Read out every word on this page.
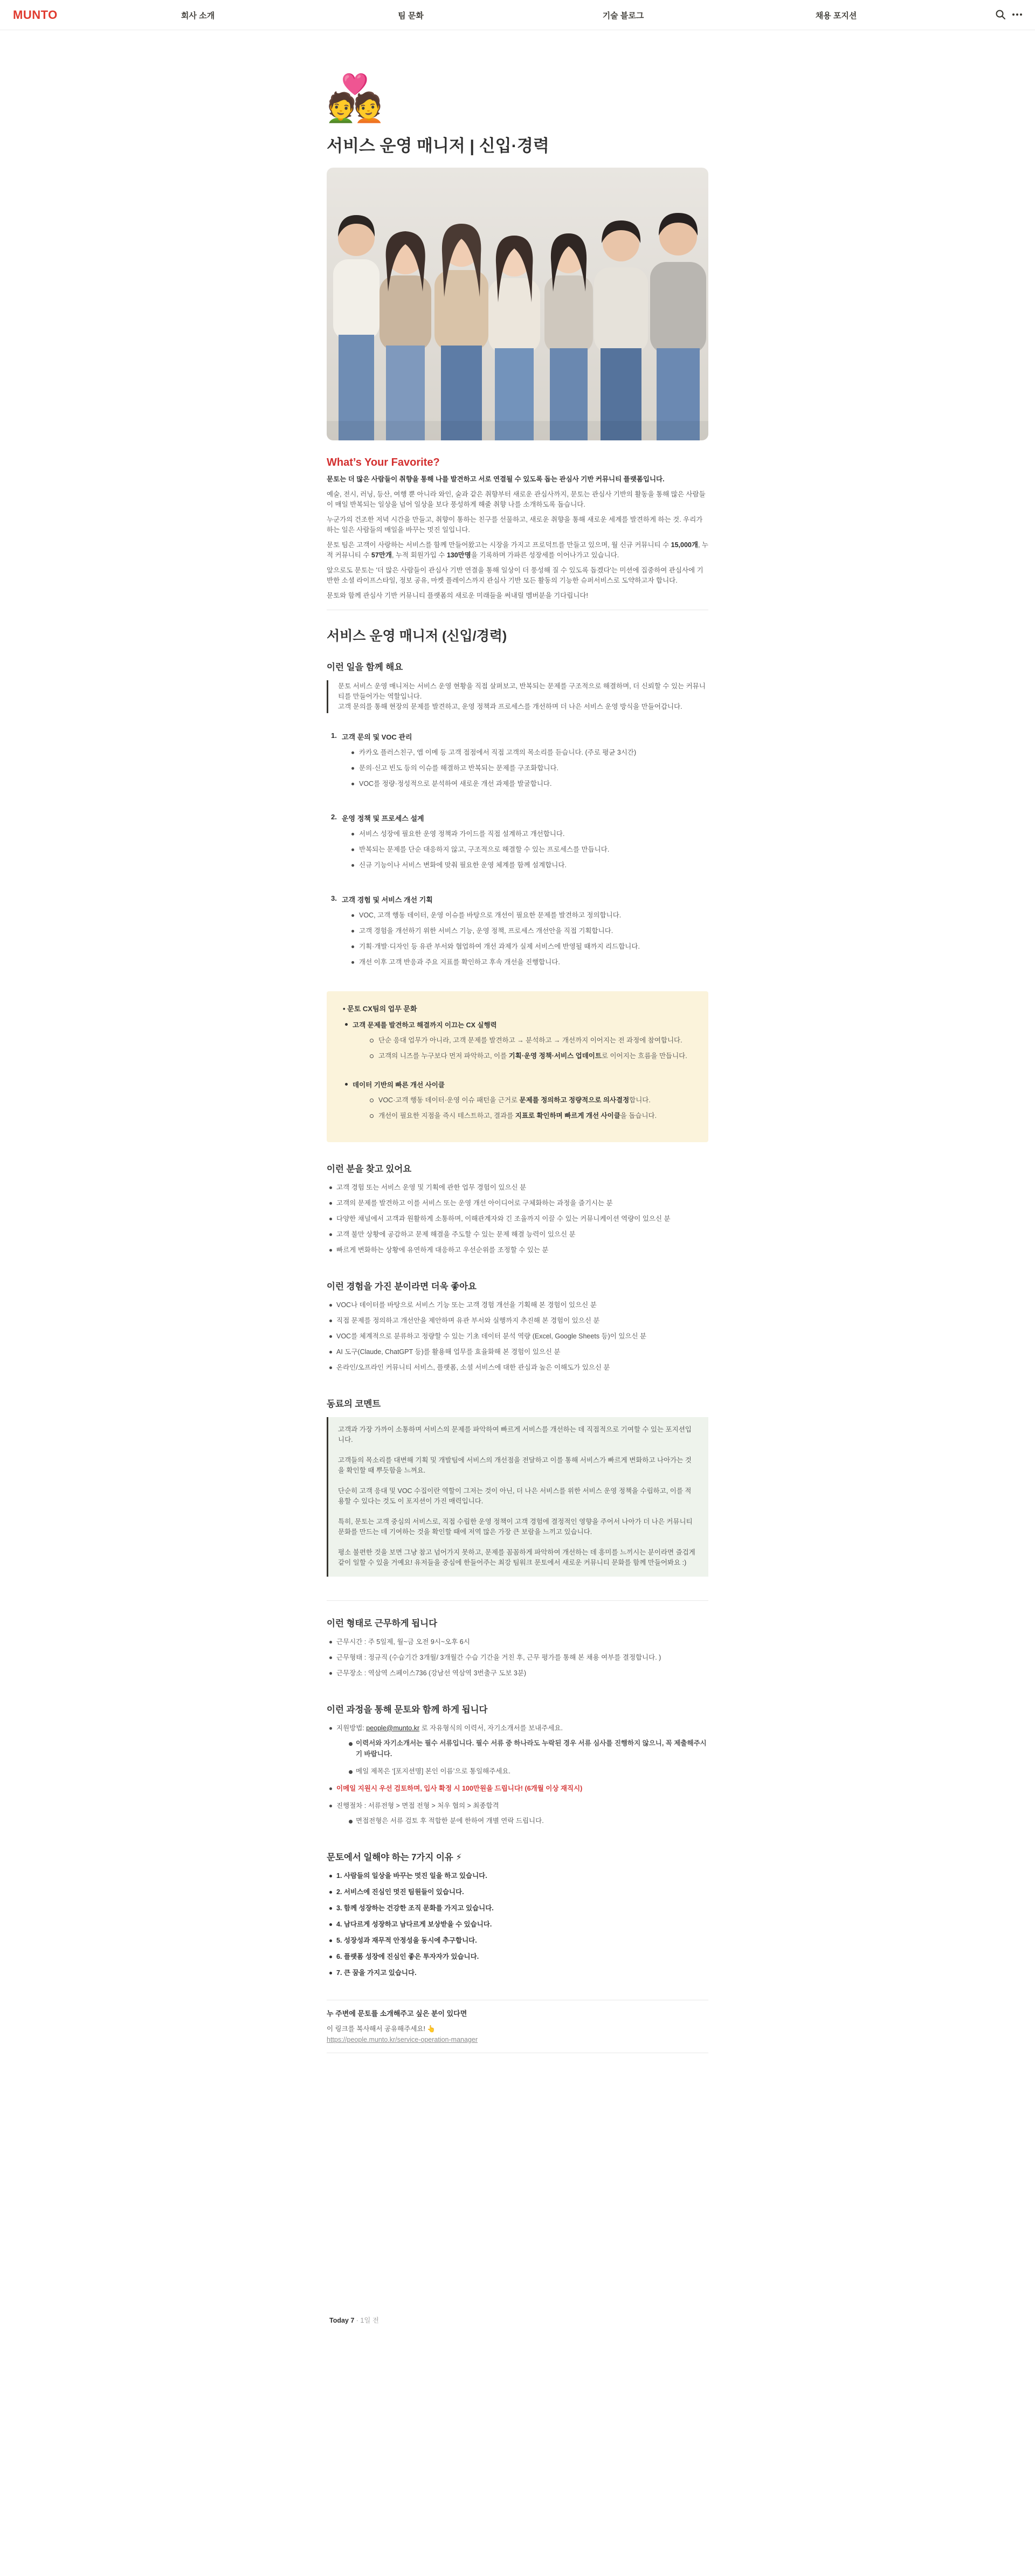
MUNTO	회사 소개	팀 문화	기술 블로그	채용 포지션
💑
서비스 운영 매니저 | 신입·경력
What’s Your Favorite?

문토는 더 많은 사람들이 취향을 통해 나를 발견하고 서로 연결될 수 있도록 돕는 관심사 기반 커뮤니티 플랫폼입니다.

예술, 전시, 러닝, 등산, 여행 뿐 아니라 와인, 술과 같은 취향부터 새로운 관심사까지, 문토는 관심사 기반의 활동을 통해 많은 사람들이 매일 반복되는 일상을 넘어 일상을 보다 풍성하게 해줄 취향 나를 소개하도록 돕습니다.

누군가의 건조한 저녁 시간을 만들고, 취향이 통하는 친구를 선물하고, 새로운 취향을 통해 새로운 세계를 발견하게 하는 것. 우리가 하는 일은 사람들의 매일을 바꾸는 멋진 일입니다.

문토 팀은 고객이 사랑하는 서비스를 함께 만들어왔고는 시장을 가지고 프로덕트를 만들고 있으며, 월 신규 커뮤니티 수 15,000개, 누적 커뮤니티 수 57만개, 누적 회원가입 수 130만명을 기록하며 가파른 성장세를 이어나가고 있습니다.

앞으로도 문토는 '더 많은 사람들이 관심사 기반 연결을 통해 일상이 더 풍성해 질 수 있도록 돕겠다'는 미션에 집중하여 관심사에 기반한 소셜 라이프스타일, 정보 공유, 마켓 플레이스까지 관심사 기반 모든 활동의 기능한 슈퍼서비스로 도약하고자 합니다.

문토와 함께 관심사 기반 커뮤니티 플랫폼의 새로운 미래들을 써내릴 멤버분을 기다립니다!

서비스 운영 매니저 (신입/경력)
이런 일을 함께 해요
문토 서비스 운영 매니저는 서비스 운영 현황을 직접 살펴보고, 반복되는 문제를 구조적으로 해결하며, 더 신뢰할 수 있는 커뮤니티를 만들어가는 역할입니다.
고객 문의를 통해 현장의 문제를 발견하고, 운영 정책과 프로세스를 개선하며 더 나은 서비스 운영 방식을 만들어갑니다.
1. 고객 문의 및 VOC 관리
카카오 플러스친구, 앱 이메 등 고객 접점에서 직접 고객의 목소리를 듣습니다. (주로 평균 3시간)
문의·신고 빈도 등의 이슈를 해결하고 반복되는 문제를 구조화합니다.
VOC를 정량·정성적으로 분석하여 새로운 개선 과제를 발굴합니다.
2. 운영 정책 및 프로세스 설계
서비스 성장에 필요한 운영 정책과 가이드를 직접 설계하고 개선합니다.
반복되는 문제를 단순 대응하지 않고, 구조적으로 해결할 수 있는 프로세스를 만듭니다.
신규 기능이나 서비스 변화에 맞춰 필요한 운영 체계를 함께 설계합니다.
3. 고객 경험 및 서비스 개선 기획
VOC, 고객 행동 데이터, 운영 이슈를 바탕으로 개선이 필요한 문제를 발견하고 정의합니다.
고객 경험을 개선하기 위한 서비스 기능, 운영 정책, 프로세스 개선안을 직접 기획합니다.
기획·개발·디자인 등 유관 부서와 협업하여 개선 과제가 실제 서비스에 반영될 때까지 리드합니다.
개선 이후 고객 반응과 주요 지표를 확인하고 후속 개선을 진행합니다.
• 문토 CX팀의 업무 문화
고객 문제를 발견하고 해결까지 이끄는 CX 실행력
단순 응대 업무가 아니라, 고객 문제를 발견하고 → 분석하고 → 개선까지 이어지는 전 과정에 참여합니다.
고객의 니즈를 누구보다 먼저 파악하고, 이를 기획·운영 정책·서비스 업데이트로 이어지는 흐름을 만듭니다.
데이터 기반의 빠른 개선 사이클
VOC·고객 행동 데이터·운영 이슈 패턴을 근거로 문제를 정의하고 정량적으로 의사결정합니다.
개선이 필요한 지점을 즉시 테스트하고, 결과를 지표로 확인하며 빠르게 개선 사이클을 돕습니다.
이런 분을 찾고 있어요
고객 경험 또는 서비스 운영 및 기획에 관한 업무 경험이 있으신 분
고객의 문제를 발견하고 이를 서비스 또는 운영 개선 아이디어로 구체화하는 과정을 즐기시는 분
다양한 채널에서 고객과 원활하게 소통하며, 이해관계자와 긴 조율까지 이끌 수 있는 커뮤니케이션 역량이 있으신 분
고객 불만 상황에 공감하고 문제 해결을 주도할 수 있는 문제 해결 능력이 있으신 분
빠르게 변화하는 상황에 유연하게 대응하고 우선순위를 조정할 수 있는 분
이런 경험을 가진 분이라면 더욱 좋아요
VOC나 데이터를 바탕으로 서비스 기능 또는 고객 경험 개선을 기획해 본 경험이 있으신 분
직접 문제를 정의하고 개선안을 제안하며 유관 부서와 실행까지 추진해 본 경험이 있으신 분
VOC를 체계적으로 분류하고 정량할 수 있는 기초 데이터 분석 역량 (Excel, Google Sheets 등)이 있으신 분
AI 도구(Claude, ChatGPT 등)를 활용해 업무를 효율화해 본 경험이 있으신 분
온라인/오프라인 커뮤니티 서비스, 플랫폼, 소셜 서비스에 대한 관심과 높은 이해도가 있으신 분
동료의 코멘트

고객과 가장 가까이 소통하며 서비스의 문제를 파악하여 빠르게 서비스를 개선하는 데 직접적으로 기여할 수 있는 포지션입니다.

고객들의 목소리를 대변해 기획 및 개발팀에 서비스의 개선점을 전달하고 이를 통해 서비스가 빠르게 변화하고 나아가는 것을 확인할 때 뿌듯함을 느껴요.

단순히 고객 응대 및 VOC 수집이란 역할이 그저는 것이 아닌, 더 나은 서비스를 위한 서비스 운영 정책을 수립하고, 이를 적용할 수 있다는 것도 이 포지션이 가진 매력입니다.

특히, 문토는 고객 중심의 서비스로, 직접 수립한 운영 정책이 고객 경험에 결정적인 영향을 주어서 나아가 더 나은 커뮤니티 문화를 만드는 데 기여하는 것을 확인할 때에 저역 많은 가장 큰 보람을 느끼고 있습니다.

평소 불편한 것을 보면 그냥 참고 넘어가지 못하고, 문제를 꼼꼼하게 파악하여 개선하는 데 흥미를 느끼시는 분이라면 즐겁게 같이 일할 수 있을 거예요! 유저들을 중심에 한들어주는 최강 팀워크 문토에서 새로운 커뮤니티 문화를 함께 만들어봐요 :)

이런 형태로 근무하게 됩니다
근무시간 : 주 5일제, 월~금 오전 9시~오후 6시
근무형태 : 정규직 (수습기간 3개월/ 3개월간 수습 기간을 거친 후, 근무 평가를 통해 본 채용 여부를 결정합니다. )
근무장소 : 역삼역 스페이스736 (강남선 역삼역 3번출구 도보 3분)
이런 과정을 통해 문토와 함께 하게 됩니다
지원방법: people@munto.kr 로 자유형식의 이력서, 자기소개서를 보내주세요.
이력서와 자기소개서는 필수 서류입니다. 필수 서류 중 하나라도 누락된 경우 서류 심사를 진행하지 않으니, 꼭 제출해주시기 바랍니다.
메일 제목은 ‘[포지션명] 본인 이름’으로 통일해주세요.
이메일 지원시 우선 검토하며, 입사 확정 시 100만원을 드립니다! (6개월 이상 재직시)
진행절차 : 서류전형 > 면접 전형 > 처우 협의 > 최종합격
면접전형은 서류 검토 후 적합한 분에 한하여 개별 연락 드립니다.
문토에서 일해야 하는 7가지 이유 ⚡
1. 사람들의 일상을 바꾸는 멋진 일을 하고 있습니다.
2. 서비스에 진심인 멋진 팀원들이 있습니다.
3. 함께 성장하는 건강한 조직 문화를 가지고 있습니다.
4. 남다르게 성장하고 남다르게 보상받을 수 있습니다.
5. 성장성과 재무적 안정성을 동시에 추구합니다.
6. 플랫폼 성장에 진심인 좋은 투자자가 있습니다.
7. 큰 꿈을 가지고 있습니다.
누 주변에 문토를 소개해주고 싶은 분이 있다면
이 링크를 복사해서 공유해주세요! 👆
https://people.munto.kr/service-operation-manager
Today 7 · 1일 전
